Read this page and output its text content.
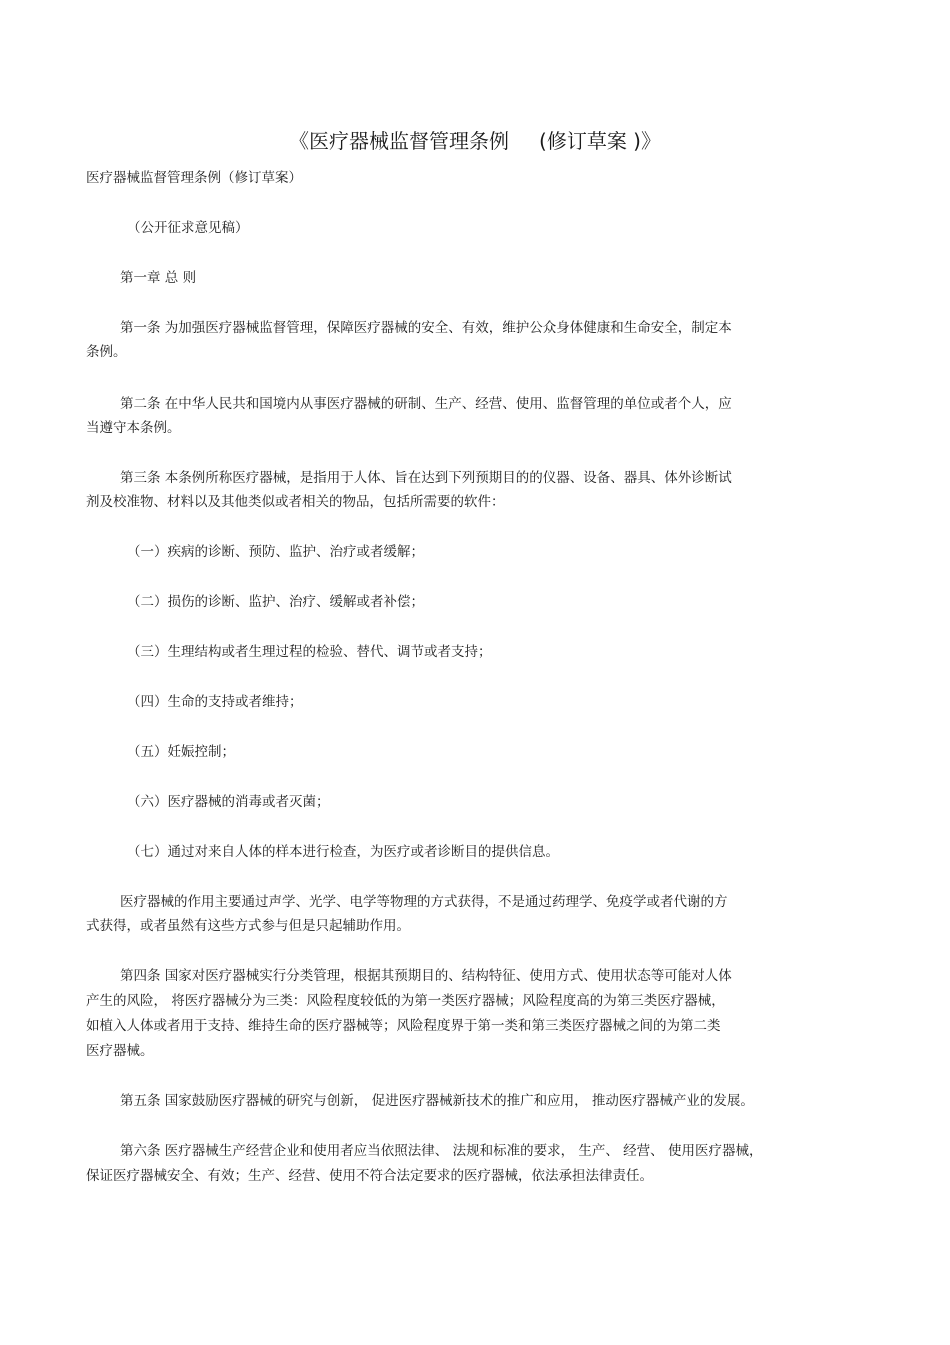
《医疗器械监督管理条例 (修订草案 )》
医疗器械监督管理条例（修订草案）
（公开征求意见稿）
第一章 总 则
第一条 为加强医疗器械监督管理，保障医疗器械的安全、有效，维护公众身体健康和生命安全，制定本
条例。
第二条 在中华人民共和国境内从事医疗器械的研制、生产、经营、使用、监督管理的单位或者个人，应
当遵守本条例。
第三条 本条例所称医疗器械，是指用于人体、旨在达到下列预期目的的仪器、设备、器具、体外诊断试
剂及校准物、材料以及其他类似或者相关的物品，包括所需要的软件：
（一）疾病的诊断、预防、监护、治疗或者缓解；
（二）损伤的诊断、监护、治疗、缓解或者补偿；
（三）生理结构或者生理过程的检验、替代、调节或者支持；
（四）生命的支持或者维持；
（五）妊娠控制；
（六）医疗器械的消毒或者灭菌；
（七）通过对来自人体的样本进行检查，为医疗或者诊断目的提供信息。
医疗器械的作用主要通过声学、光学、电学等物理的方式获得，不是通过药理学、免疫学或者代谢的方
式获得，或者虽然有这些方式参与但是只起辅助作用。
第四条 国家对医疗器械实行分类管理，根据其预期目的、结构特征、使用方式、使用状态等可能对人体
产生的风险， 将医疗器械分为三类：风险程度较低的为第一类医疗器械；风险程度高的为第三类医疗器械，
如植入人体或者用于支持、维持生命的医疗器械等；风险程度界于第一类和第三类医疗器械之间的为第二类
医疗器械。
第五条 国家鼓励医疗器械的研究与创新， 促进医疗器械新技术的推广和应用， 推动医疗器械产业的发展。
第六条 医疗器械生产经营企业和使用者应当依照法律、 法规和标准的要求， 生产、 经营、 使用医疗器械，
保证医疗器械安全、有效；生产、经营、使用不符合法定要求的医疗器械，依法承担法律责任。
